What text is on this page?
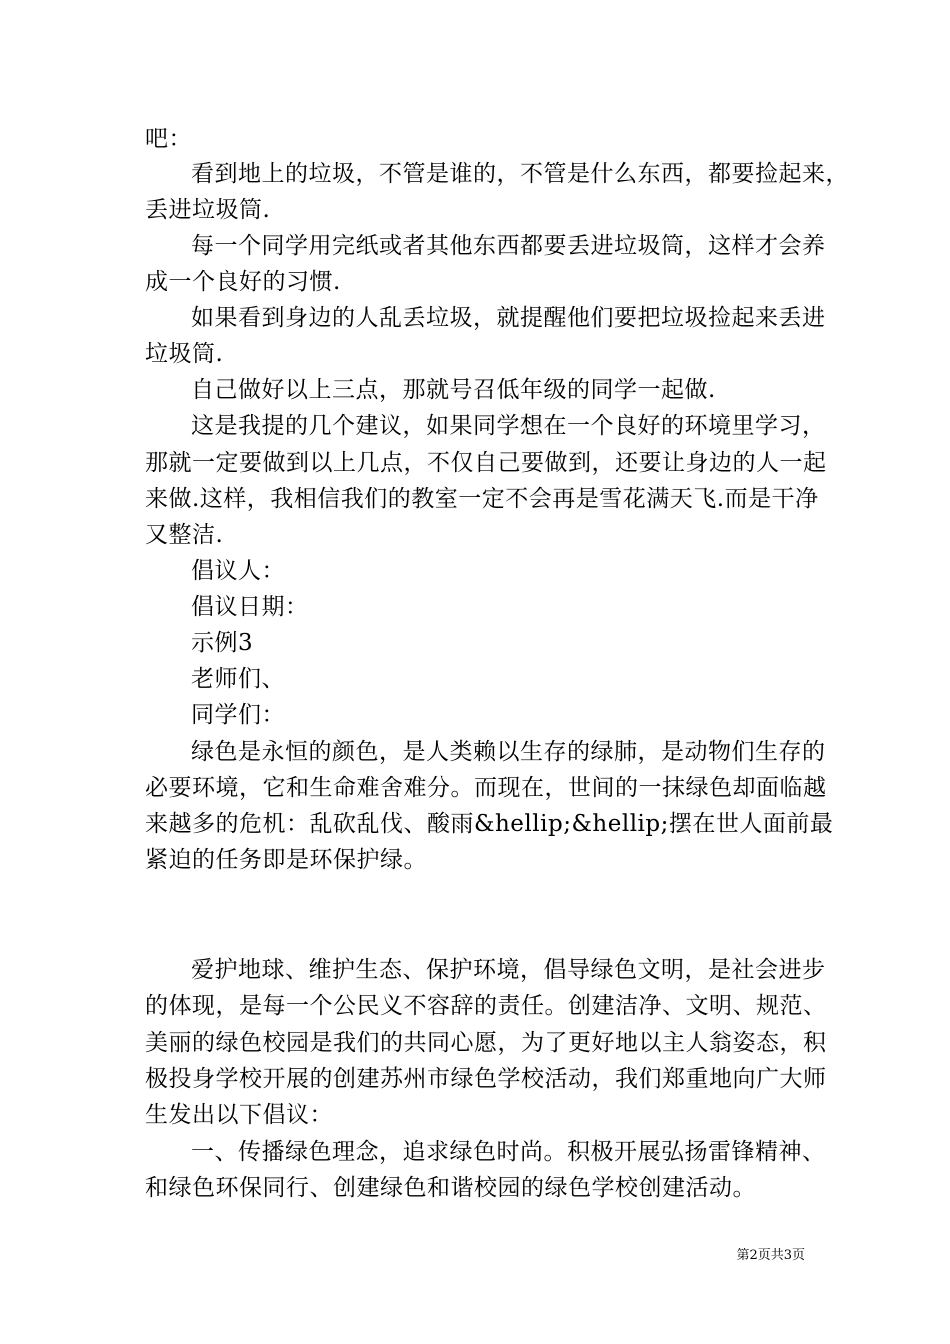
吧：
看到地上的垃圾，不管是谁的，不管是什么东西，都要捡起来，
丢进垃圾筒.
每一个同学用完纸或者其他东西都要丢进垃圾筒，这样才会养
成一个良好的习惯.
如果看到身边的人乱丢垃圾，就提醒他们要把垃圾捡起来丢进
垃圾筒.
自己做好以上三点，那就号召低年级的同学一起做.
这是我提的几个建议，如果同学想在一个良好的环境里学习，
那就一定要做到以上几点，不仅自己要做到，还要让身边的人一起
来做.这样，我相信我们的教室一定不会再是雪花满天飞.而是干净
又整洁.
倡议人：
倡议日期：
示例3
老师们、
同学们：
绿色是永恒的颜色，是人类赖以生存的绿肺，是动物们生存的
必要环境，它和生命难舍难分。而现在，世间的一抹绿色却面临越
来越多的危机：乱砍乱伐、酸雨&hellip;&hellip;摆在世人面前最
紧迫的任务即是环保护绿。
爱护地球、维护生态、保护环境，倡导绿色文明，是社会进步
的体现，是每一个公民义不容辞的责任。创建洁净、文明、规范、
美丽的绿色校园是我们的共同心愿，为了更好地以主人翁姿态，积
极投身学校开展的创建苏州市绿色学校活动，我们郑重地向广大师
生发出以下倡议：
一、传播绿色理念，追求绿色时尚。积极开展弘扬雷锋精神、
和绿色环保同行、创建绿色和谐校园的绿色学校创建活动。
第2页共3页
